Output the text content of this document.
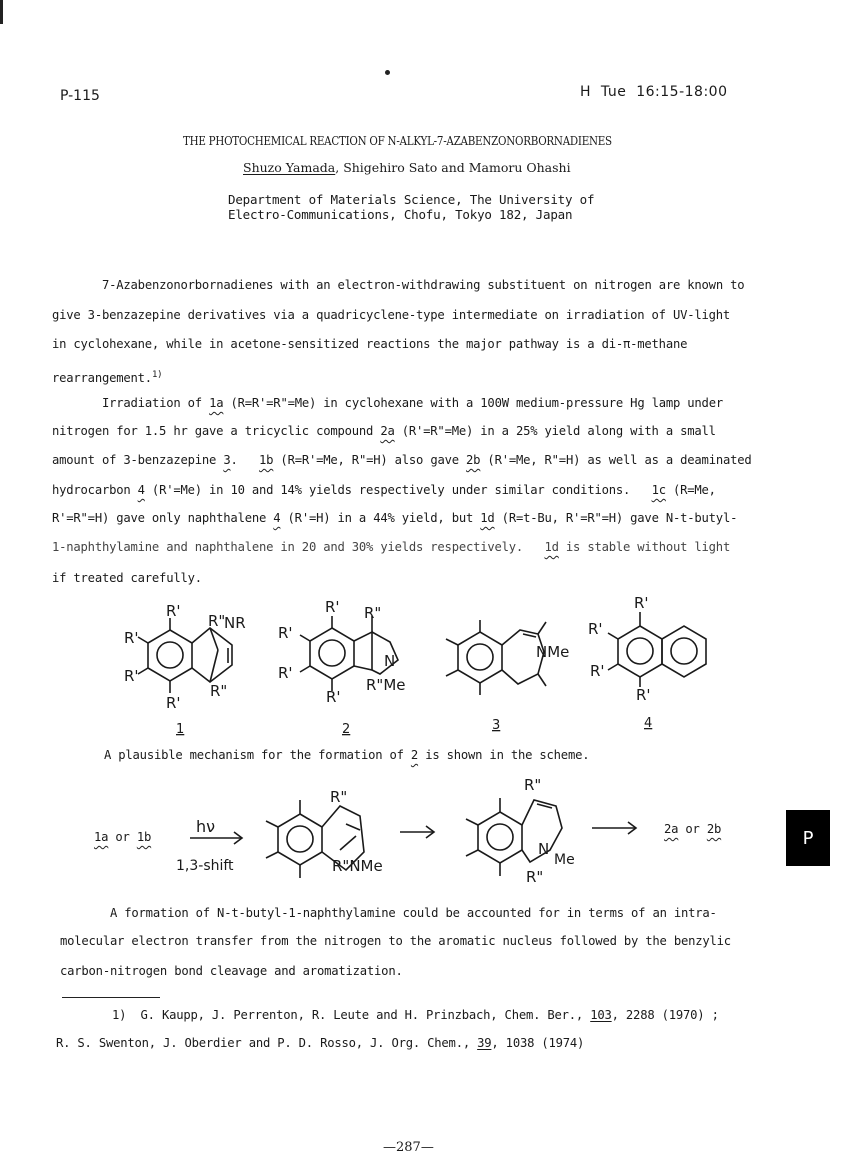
P-115	H  Tue  16:15-18:00
THE PHOTOCHEMICAL REACTION OF N-ALKYL-7-AZABENZONORBORNADIENES
Shuzo Yamada, Shigehiro Sato and Mamoru Ohashi
Department of Materials Science, The University of
Electro-Communications, Chofu, Tokyo 182, Japan
7-Azabenzonorbornadienes with an electron-withdrawing substituent on nitrogen are known to
give 3-benzazepine derivatives via a quadricyclene-type intermediate on irradiation of UV-light
in cyclohexane, while in acetone-sensitized reactions the major pathway is a di-π-methane
rearrangement.$^{1)}$
Irradiation of 1a (R=R'=R"=Me) in cyclohexane with a 100W medium-pressure Hg lamp under
nitrogen for 1.5 hr gave a tricyclic compound 2a (R'=R"=Me) in a 25% yield along with a small
amount of 3-benzazepine 3.   1b (R=R'=Me, R"=H) also gave 2b (R'=Me, R"=H) as well as a deaminated
hydrocarbon 4 (R'=Me) in 10 and 14% yields respectively under similar conditions.   1c (R=Me,
R'=R"=H) gave only naphthalene 4 (R'=H) in a 44% yield, but 1d (R=t-Bu, R'=R"=H) gave N-t-butyl-
1-naphthylamine and naphthalene in 20 and 30% yields respectively.   1d is stable without light
if treated carefully.
R'
R"
NR
R'
R'
R'
R"
1
R' R"
R'
N
R'
R'
R"Me
2
NMe
3
R'
R'
R'
R'
4
A plausible mechanism for the formation of 2 is shown in the scheme.
1a or 1b
hν
1,3-shift
R"
R"NMe
R"
N
Me
R"
2a or 2b	P
A formation of N-t-butyl-1-naphthylamine could be accounted for in terms of an intra-
molecular electron transfer from the nitrogen to the aromatic nucleus followed by the benzylic
carbon-nitrogen bond cleavage and aromatization.
1)  G. Kaupp, J. Perrenton, R. Leute and H. Prinzbach, Chem. Ber., 103, 2288 (1970) ;
R. S. Swenton, J. Oberdier and P. D. Rosso, J. Org. Chem., 39, 1038 (1974)
—287—
